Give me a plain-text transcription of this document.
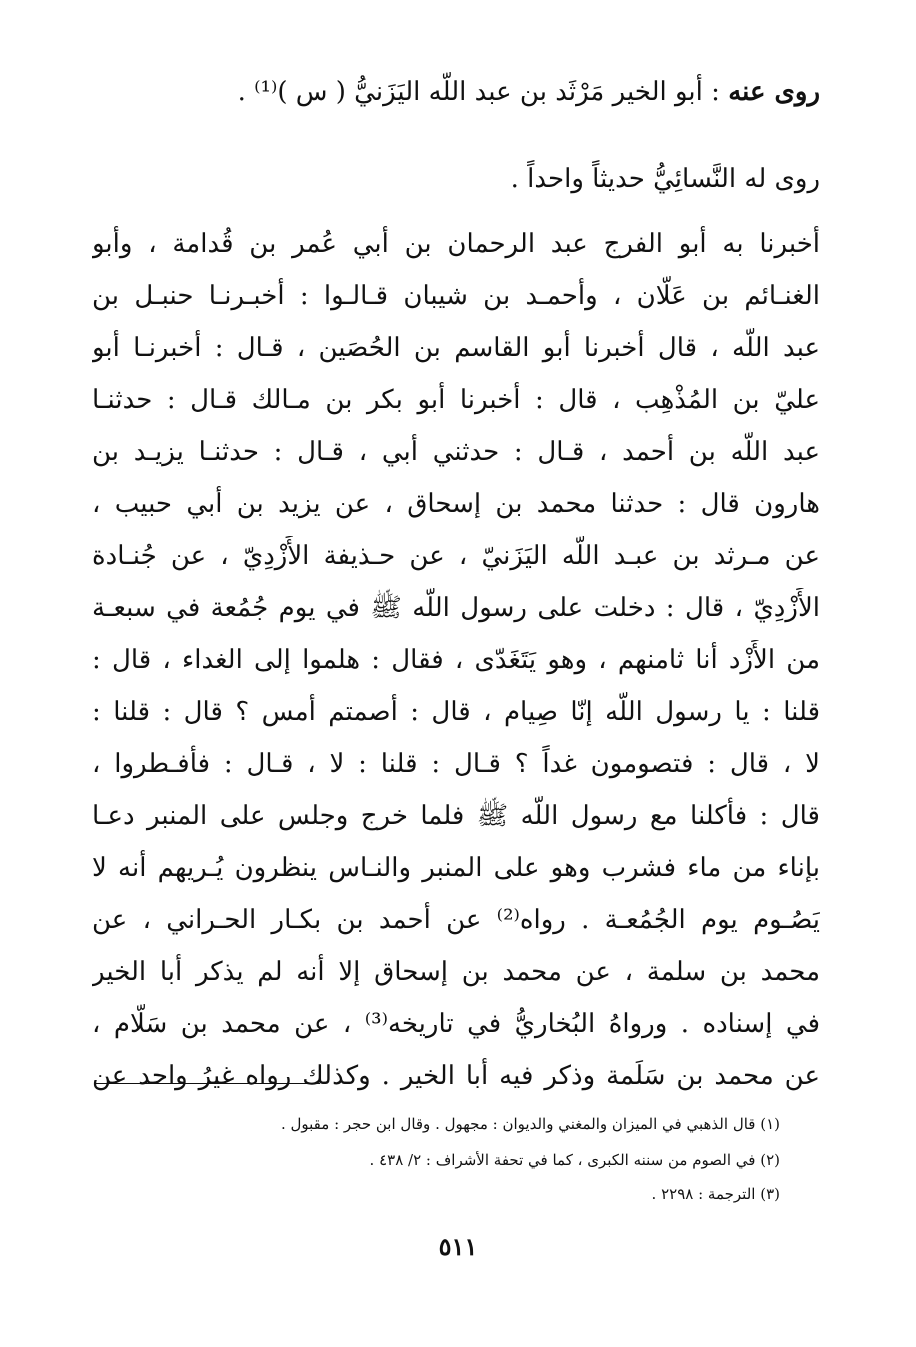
روى عنه : أبو الخير مَرْثَد بن عبد اللّه اليَزَنيُّ ( س )⁽¹⁾ .
روى له النَّسائِيُّ حديثاً واحداً .
أخبرنا به أبو الفرج عبد الرحمان بن أبي عُمر بن قُدامة ، وأبو
الغنـائم بن عَلّان ، وأحمـد بن شيبان قـالـوا : أخبـرنـا حنبـل بن
عبد اللّه ، قال أخبرنا أبو القاسم بن الحُصَين ، قـال : أخبرنـا أبو
عليّ بن المُذْهِب ، قال : أخبرنا أبو بكر بن مـالك قـال : حدثنـا
عبد اللّه بن أحمد ، قـال : حدثني أبي ، قـال : حدثنـا يزيـد بن
هارون قال : حدثنا محمد بن إسحاق ، عن يزيد بن أبي حبيب ،
عن مـرثد بن عبـد اللّه اليَزَنيّ ، عن حـذيفة الأَزْدِيّ ، عن جُنـادة
الأَزْدِيّ ، قال : دخلت على رسول اللّه ﷺ في يوم جُمُعة في سبعـة
من الأَزْد أنا ثامنهم ، وهو يَتَغَدّى ، فقال : هلموا إلى الغداء ، قال :
قلنا : يا رسول اللّه إنّا صِيام ، قال : أصمتم أمس ؟ قال : قلنا :
لا ، قال : فتصومون غداً ؟ قـال : قلنا : لا ، قـال : فأفـطروا ،
قال : فأكلنا مع رسول اللّه ﷺ فلما خرج وجلس على المنبر دعـا
بإناء من ماء فشرب وهو على المنبر والنـاس ينظرون يُـريهم أنه لا
يَصُـوم يوم الجُمُعـة . رواه⁽²⁾ عن أحمد بن بكـار الحـراني ، عن
محمد بن سلمة ، عن محمد بن إسحاق إلا أنه لم يذكر أبا الخير
في إسناده . ورواهُ البُخاريُّ في تاريخه⁽³⁾ ، عن محمد بن سَلّام ،
عن محمد بن سَلَمة وذكر فيه أبا الخير . وكذلك رواه غيرُ واحد عن
(١) قال الذهبي في الميزان والمغني والديوان : مجهول . وقال ابن حجر : مقبول .
(٢) في الصوم من سننه الكبرى ، كما في تحفة الأشراف : ٢/ ٤٣٨ .
(٣) الترجمة : ٢٢٩٨ .
٥١١
